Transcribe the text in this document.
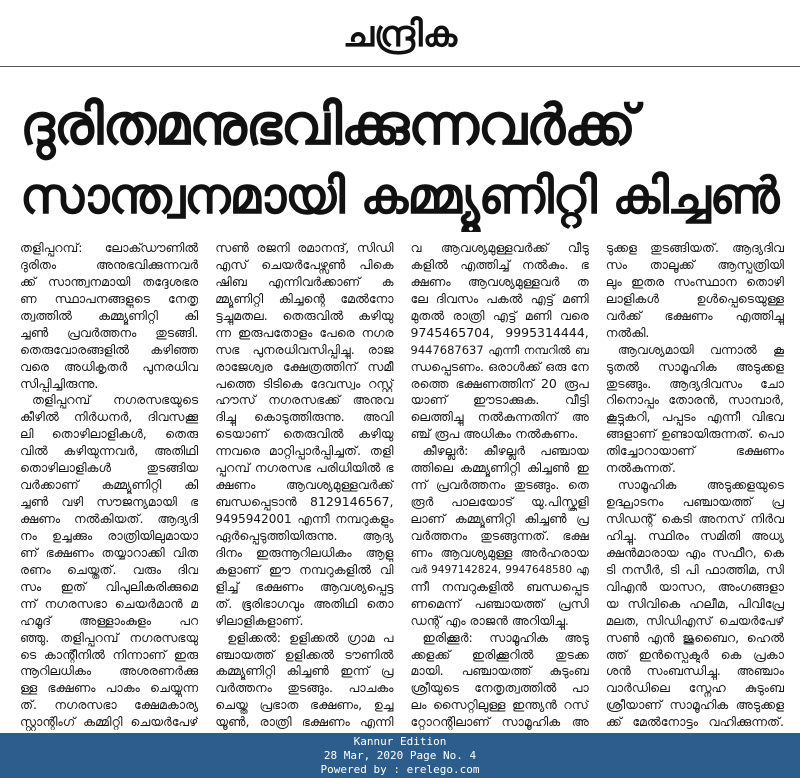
ചന്ദ്രിക
ദുരിതമനുഭവിക്കുന്നവർക്ക്
സാന്ത്വനമായി കമ്മ്യൂണിറ്റി കിച്ചൺ
തളിപ്പറമ്പ്: ലോക്ഡൗണിൽ
ദുരിതം അനുഭവിക്കുന്നവർ
ക്ക് സാന്ത്വനമായി തദ്ദേശഭര
ണ സ്ഥാപനങ്ങളുടെ നേതൃ
ത്വത്തിൽ കമ്മ്യൂണിറ്റി കി
ച്ചൺ പ്രവർത്തനം തുടങ്ങി.
തെരുവോരങ്ങളിൽ കഴിഞ്ഞ
വരെ അധികൃതർ പുനരധിവ
സിപ്പിച്ചിരുന്നു.
തളിപ്പറമ്പ് നഗരസഭയുടെ
കീഴിൽ നിർധനർ, ദിവസക്കൂ
ലി തൊഴിലാളികൾ, തെരു
വിൽ കഴിയുന്നവർ, അതിഥി
തൊഴിലാളികൾ തുടങ്ങിയ
വർക്കാണ് കമ്മ്യൂണിറ്റി കി
ച്ചൺ വഴി സൗജന്യമായി ഭ
ക്ഷണം നൽകിയത്. ആദ്യദി
നം ഉച്ചക്കും രാത്രിയിലുമായാ
ണ് ഭക്ഷണം തയ്യാറാക്കി വിത
രണം ചെയ്തത്. വരും ദിവ
സം ഇത് വിപുലികരിക്കുമെ
ന്ന് നഗരസഭാ ചെയർമാൻ മ
ഹമൂദ് അള്ളാംകുളം പറ
ഞ്ഞു. തളിപ്പറമ്പ് നഗരസഭയു
ടെ കാന്റീനിൽ നിന്നാണ് ഇരു
ന്നൂറിലധികം അശരണർക്കു
ള്ള ഭക്ഷണം പാകം ചെയ്യുന്ന
ത്. നഗരസഭാ ക്ഷേമകാര്യ
സ്റ്റാന്റിംഗ് കമ്മിറ്റി ചെയർപേഴ്
സൺ രജനി രമാനന്ദ്, സിഡി
എസ് ചെയർപേഴ്സൺ പികെ
ഷിബ എന്നിവർക്കാണ് ക
മ്മ്യൂണിറ്റി കിച്ചന്റെ മേൽനോ
ട്ടച്ചുമതല. തെരുവിൽ കഴിയു
ന്ന ഇരുപതോളം പേരെ നഗര
സഭ പുനരധിവസിപ്പിച്ചു. രാജ
രാജേശ്വര ക്ഷേത്രത്തിന് സമീ
പത്തെ ടിടികെ ദേവസ്വം റസ്റ്റ്
ഹൗസ് നഗരസഭക്ക് അനുവ
ദിച്ചു കൊടുത്തിരുന്നു. അവി
ടെയാണ് തെരുവിൽ കഴിയു
ന്നവരെ മാറ്റിപ്പാർപ്പിച്ചത്. തളി
പ്പറമ്പ് നഗരസഭ പരിധിയിൽ ഭ
ക്ഷണം ആവശ്യമുള്ളവർക്ക്
ബന്ധപ്പെടാൻ 8129146567,
9495942001 എന്നീ നമ്പറുകളും
ഏർപ്പെടുത്തിയിരുന്നു. ആദ്യ
ദിനം ഇരുന്നൂറിലധികം ആളു
കളാണ് ഈ നമ്പറുകളിൽ വി
ളിച്ച് ഭക്ഷണം ആവശ്യപ്പെട്ട
ത്. ഭൂരിഭാഗവും അതിഥി തൊ
ഴിലാളികളാണ്.
ഉളിക്കൽ: ഉളിക്കൽ ഗ്രാമ പ
ഞ്ചായത്ത് ഉളിക്കൽ ടൗണിൽ
കമ്മ്യൂണിറ്റി കിച്ചൺ ഇന്ന് പ്ര
വർത്തനം തുടങ്ങും. പാചകം
ചെയ്ത പ്രഭാത ഭക്ഷണം, ഉച്ച
യൂൺ, രാത്രി ഭക്ഷണം എന്നി
വ ആവശ്യമുള്ളവർക്ക് വീടു
കളിൽ എത്തിച്ച് നൽകും. ഭ
ക്ഷണം ആവശ്യമുള്ളവർ ത
ലേ ദിവസം പകൽ എട്ട് മണി
മുതൽ രാത്രി എട്ട് മണി വരെ
9745465704, 9995314444,
9447687637 എന്നീ നമ്പറിൽ ബ
ന്ധപ്പെടണം. ഒരാൾക്ക് ഒരു നേ
രത്തെ ഭക്ഷണത്തിന് 20 രൂപ
യാണ് ഈടാക്കുക. വീട്ടി
ലെത്തിച്ചു നൽകുന്നതിന് അ
ഞ്ച് രൂപ അധികം നൽകണം.
കീഴല്ലൂർ: കീഴല്ലൂർ പഞ്ചായ
ത്തിലെ കമ്മ്യൂണിറ്റി കിച്ചൺ ഇ
ന്ന് പ്രവർത്തനം തുടങ്ങും. തെ
രൂർ പാലയോട് യു.പിസ്കൂളി
ലാണ് കമ്മ്യൂണിറ്റി കിച്ചൺ പ്ര
വർത്തനം തുടങ്ങുന്നത്. ഭക്ഷ
ണം ആവശ്യമുള്ള അർഹരായ
വർ 9497142824, 9947648580 എ
ന്നീ നമ്പറുകളിൽ ബന്ധപ്പെട
ണമെന്ന് പഞ്ചായത്ത് പ്രസി
ഡന്റ് എം രാജൻ അറിയിച്ചു.
ഇരിക്കൂർ: സാമൂഹിക അടു
ക്കളക്ക് ഇരിക്കൂറിൽ തുടക്ക
മായി. പഞ്ചായത്ത് കുടുംബ
ശ്രീയുടെ നേതൃത്വത്തിൽ പാ
ലം സൈറ്റിലുള്ള ഇന്ത്യൻ റസ്
റ്റോറന്റിലാണ് സാമൂഹിക അ
ടുക്കള തുടങ്ങിയത്. ആദ്യദിവ
സം താലൂക്ക് ആസ്പത്രിയി
ലും ഇതര സംസ്ഥാന തൊഴി
ലാളികൾ ഉൾപ്പെടെയുള്ള
വർക്ക് ഭക്ഷണം എത്തിച്ചു
നൽകി.
ആവശ്യമായി വന്നാൽ കൂ
ടുതൽ സാമൂഹിക അടുക്കള
തുടങ്ങും. ആദ്യദിവസം ചോ
റിനൊപ്പം തോരൻ, സാമ്പാർ,
കൂട്ടുകറി, പപ്പടം എന്നീ വിഭവ
ങ്ങളാണ് ഉണ്ടായിരുന്നത്. പൊ
തിച്ചോറായാണ് ഭക്ഷണം
നൽകുന്നത്.
സാമൂഹിക അടുക്കളയുടെ
ഉദ്ഘാടനം പഞ്ചായത്ത് പ്ര
സിഡന്റ് കെടി അനസ് നിർവ
ഹിച്ചു. സ്ഥിരം സമിതി അധ്യ
ക്ഷൻമാരായ എം സഫീറ, കെ
ടി നസീർ, ടി പി ഫാത്തിമ, സി
വിഎൻ യാസറ, അംഗങ്ങളാ
യ സിവികെ ഹലീമ, പിവിപ്രേ
മലത, സിഡിഎസ് ചെയർപേഴ്
സൺ എൻ ജുബൈറ, ഹെൽ
ത്ത് ഇൻസ്പെക്ടർ കെ പ്രകാ
ശൻ സംബന്ധിച്ചു. അഞ്ചാം
വാർഡിലെ സ്നേഹ കുടുംബ
ശ്രീയാണ് സാമൂഹിക അടുക്കള
ക്ക് മേൽനോട്ടം വഹിക്കുന്നത്.
Kannur Edition
28 Mar, 2020 Page No. 4
Powered by : erelego.com
